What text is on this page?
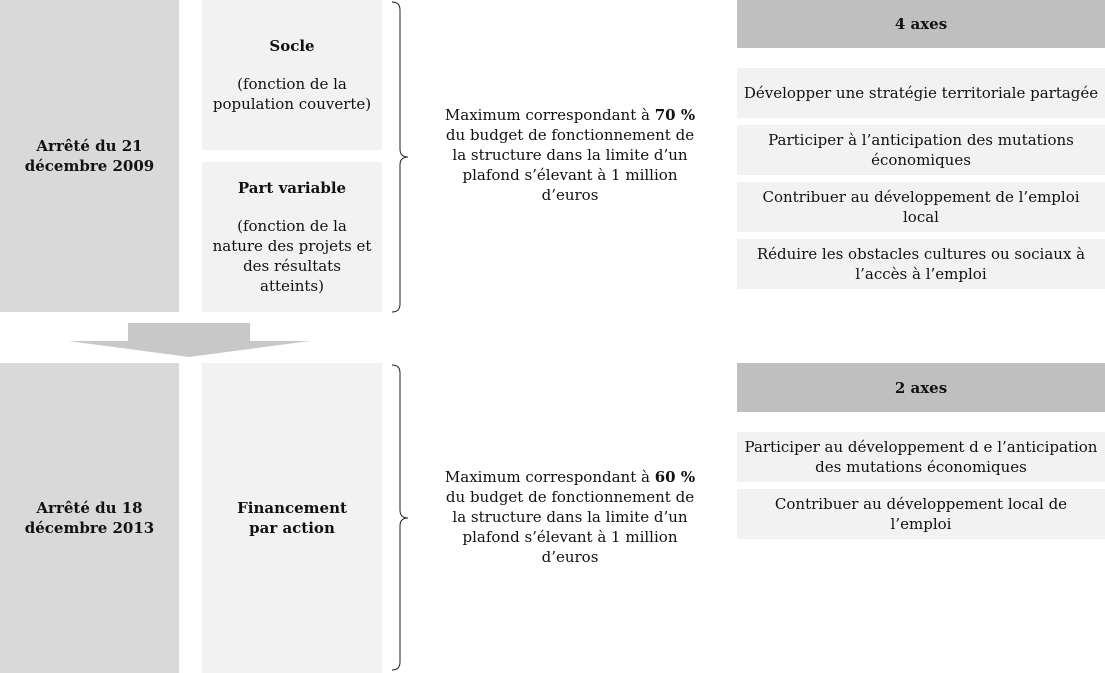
Arrêté du 21 décembre 2009
Socle
(fonction de la population couverte)
Part variable
(fonction de la nature des projets et des résultats atteints)
Maximum correspondant à 70 % du budget de fonctionnement de la structure dans la limite d’un plafond s’élevant à 1 million d’euros
4 axes
Développer une stratégie territoriale partagée
Participer à l’anticipation des mutations économiques
Contribuer au développement de l’emploi local
Réduire les obstacles cultures ou sociaux à l’accès à l’emploi
Arrêté du 18 décembre 2013
Financement par action
Maximum correspondant à 60 % du budget de fonctionnement de la structure dans la limite d’un plafond s’élevant à 1 million d’euros
2 axes
Participer au développement d e l’anticipation des mutations économiques
Contribuer au développement local de l’emploi
